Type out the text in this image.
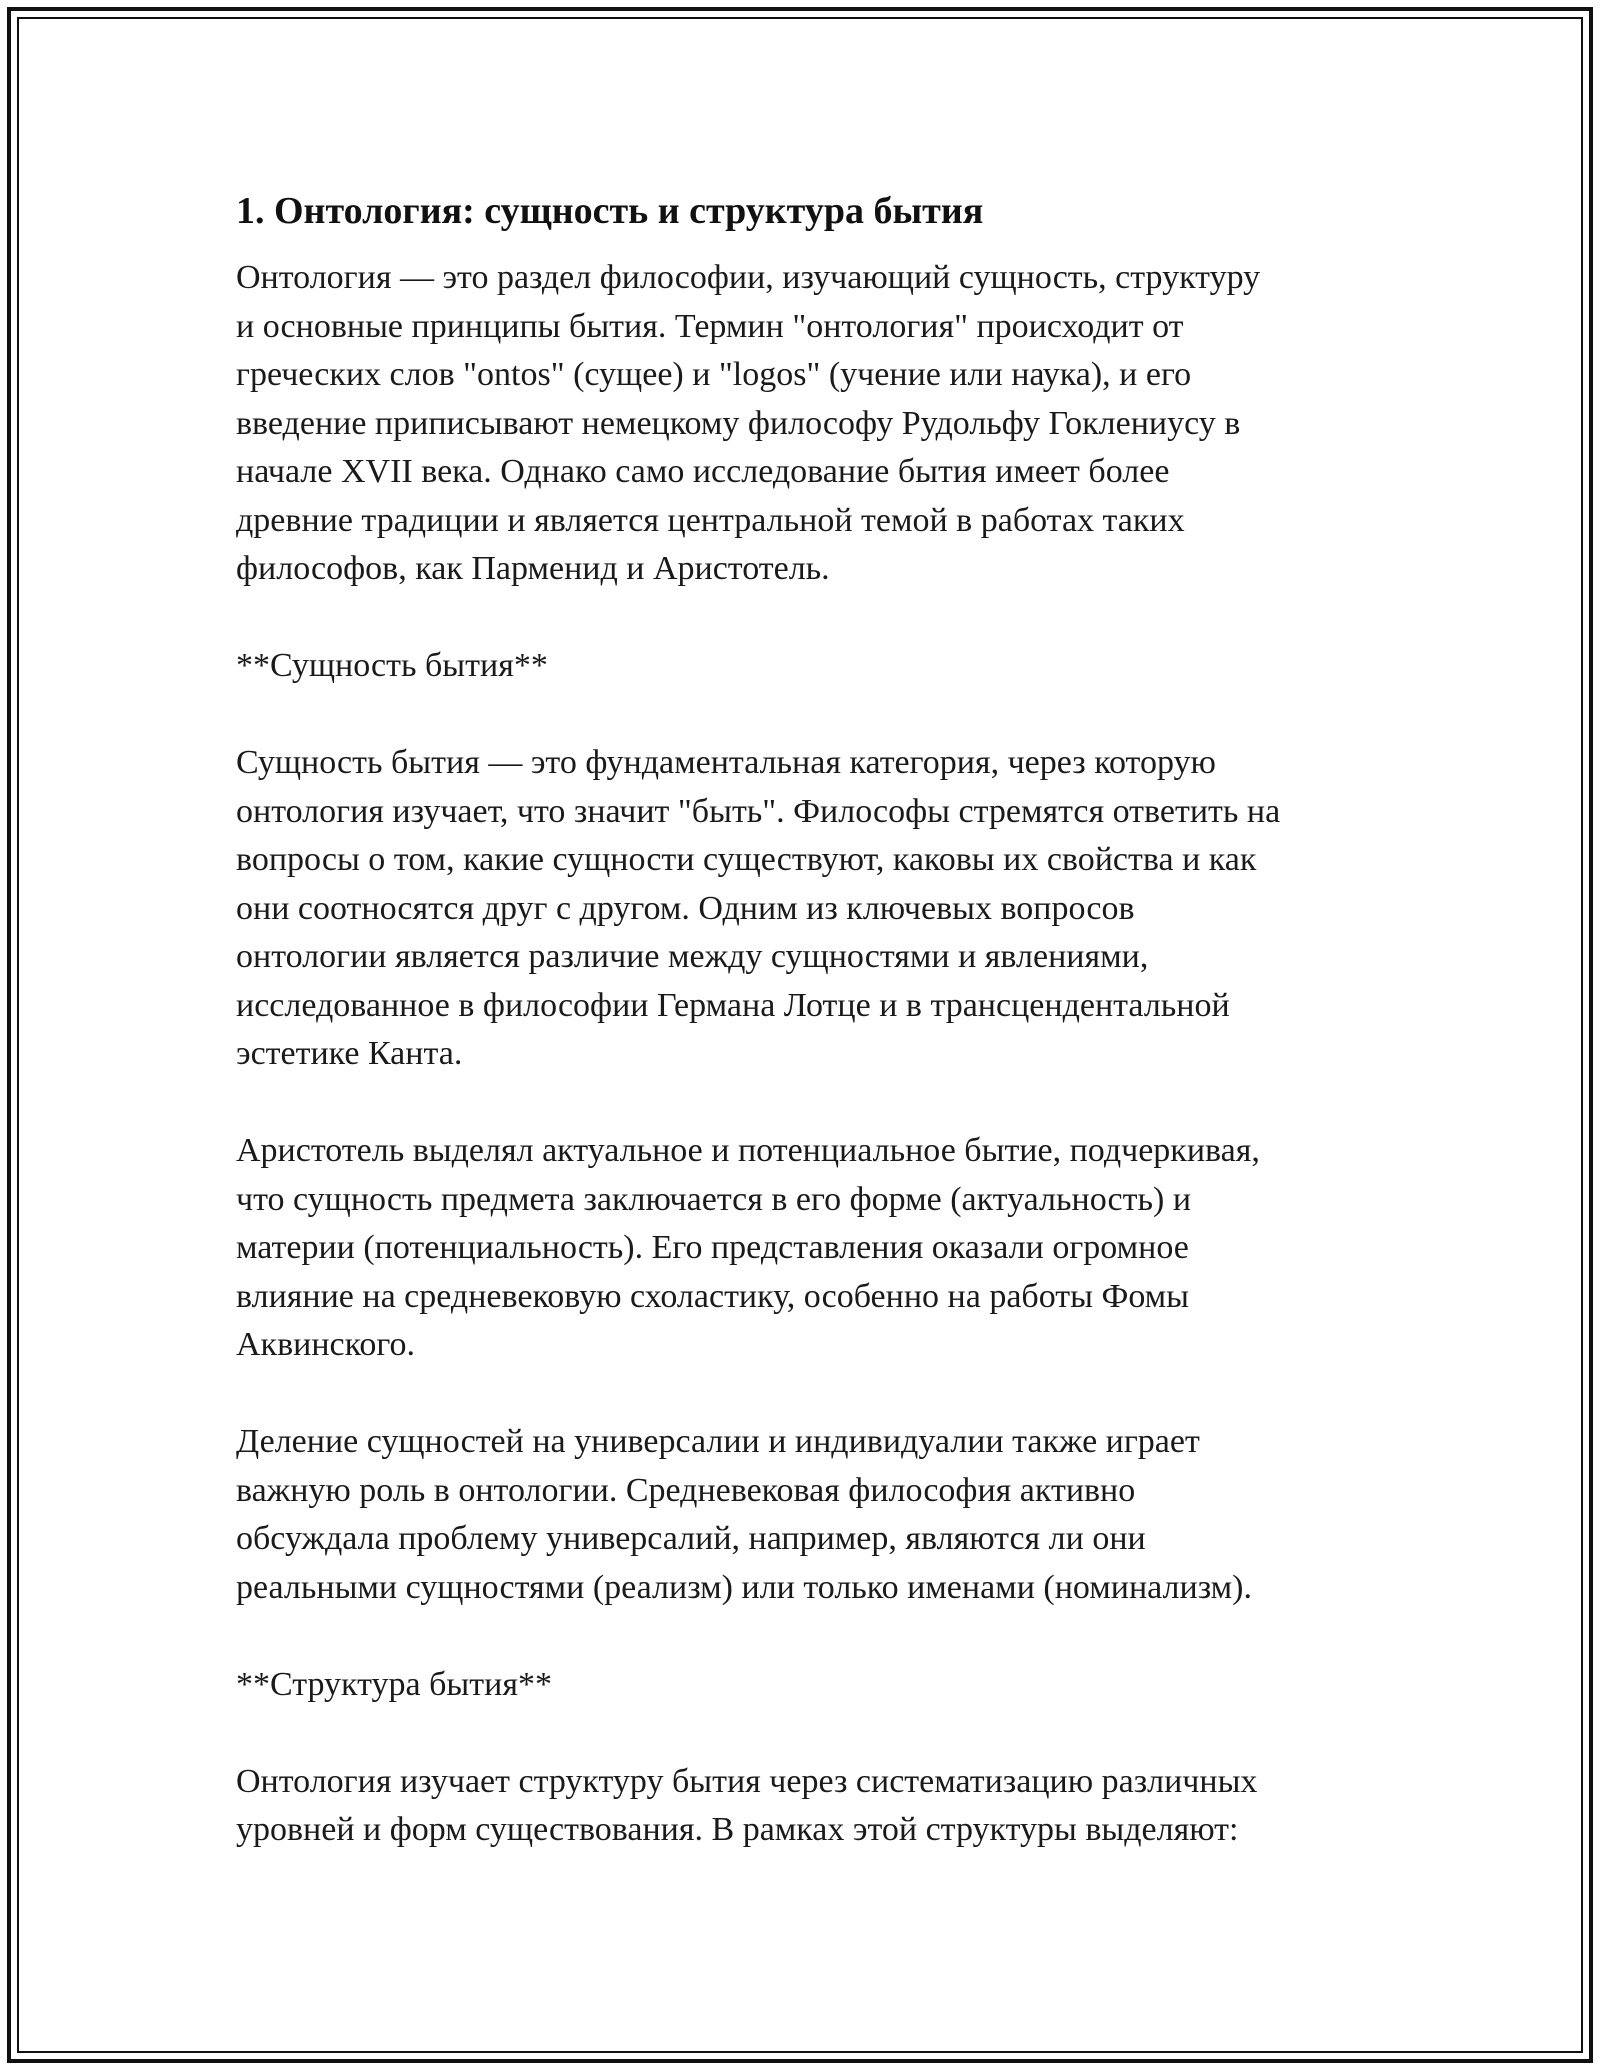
1. Онтология: сущность и структура бытия

Онтология — это раздел философии, изучающий сущность, структуру
и основные принципы бытия. Термин "онтология" происходит от
греческих слов "ontos" (сущее) и "logos" (учение или наука), и его
введение приписывают немецкому философу Рудольфу Гоклениусу в
начале XVII века. Однако само исследование бытия имеет более
древние традиции и является центральной темой в работах таких
философов, как Парменид и Аристотель.

**Сущность бытия**

Сущность бытия — это фундаментальная категория, через которую
онтология изучает, что значит "быть". Философы стремятся ответить на
вопросы о том, какие сущности существуют, каковы их свойства и как
они соотносятся друг с другом. Одним из ключевых вопросов
онтологии является различие между сущностями и явлениями,
исследованное в философии Германа Лотце и в трансцендентальной
эстетике Канта.

Аристотель выделял актуальное и потенциальное бытие, подчеркивая,
что сущность предмета заключается в его форме (актуальность) и
материи (потенциальность). Его представления оказали огромное
влияние на средневековую схоластику, особенно на работы Фомы
Аквинского.

Деление сущностей на универсалии и индивидуалии также играет
важную роль в онтологии. Средневековая философия активно
обсуждала проблему универсалий, например, являются ли они
реальными сущностями (реализм) или только именами (номинализм).

**Структура бытия**

Онтология изучает структуру бытия через систематизацию различных
уровней и форм существования. В рамках этой структуры выделяют:
